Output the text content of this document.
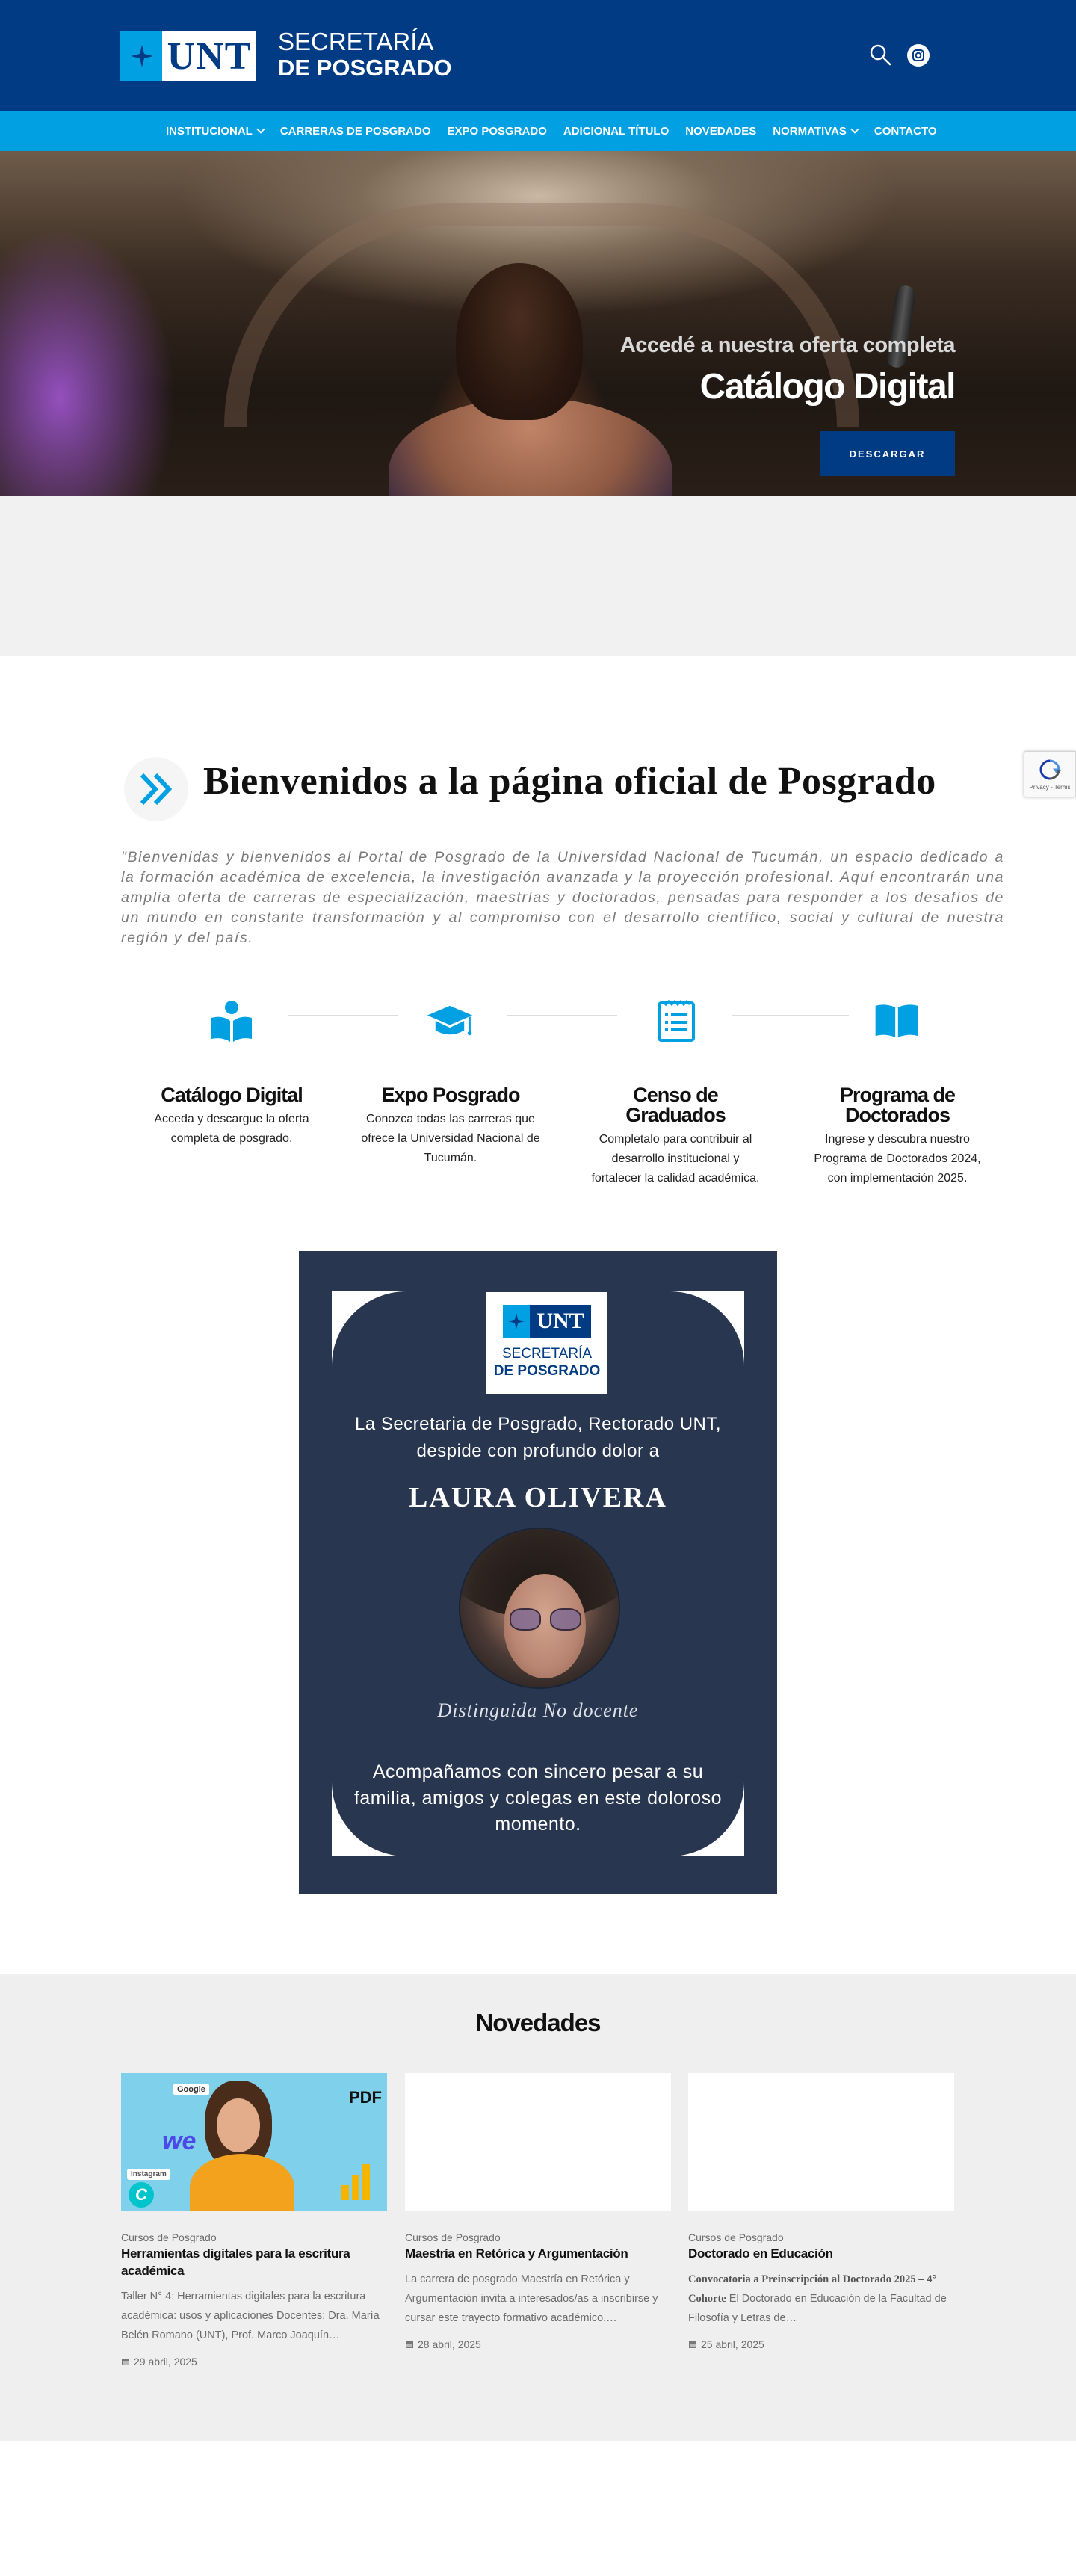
UNT SECRETARÍA
DE POSGRADO
INSTITUCIONAL CARRERAS DE POSGRADO EXPO POSGRADO ADICIONAL TÍTULO NOVEDADES NORMATIVAS CONTACTO
Accedé a nuestra oferta completa
Catálogo Digital
DESCARGAR
Privacy - Terms
Bienvenidos a la página oficial de Posgrado

"Bienvenidas y bienvenidos al Portal de Posgrado de la Universidad Nacional de Tucumán, un espacio dedicado a la formación académica de excelencia, la investigación avanzada y la proyección profesional. Aquí encontrarán una amplia oferta de carreras de especialización, maestrías y doctorados, pensadas para responder a los desafíos de un mundo en constante transformación y al compromiso con el desarrollo científico, social y cultural de nuestra región y del país.

Catálogo Digital

Acceda y descargue la oferta completa de posgrado.

Expo Posgrado

Conozca todas las carreras que ofrece la Universidad Nacional de Tucumán.

Censo de Graduados

Completalo para contribuir al desarrollo institucional y fortalecer la calidad académica.

Programa de Doctorados

Ingrese y descubra nuestro Programa de Doctorados 2024, con implementación 2025.

UNT
SECRETARÍA
DE POSGRADO
La Secretaria de Posgrado, Rectorado UNT, despide con profundo dolor a
LAURA OLIVERA
Distinguida No docente
Acompañamos con sincero pesar a su familia, amigos y colegas en este doloroso momento.
Novedades
Google	PDF
we
Instagram
C
Cursos de Posgrado
Herramientas digitales para la escritura académica
Taller N° 4: Herramientas digitales para la escritura académica: usos y aplicaciones Docentes: Dra. María Belén Romano (UNT), Prof. Marco Joaquín…
29 abril, 2025
Cursos de Posgrado
Maestría en Retórica y Argumentación
La carrera de posgrado Maestría en Retórica y Argumentación invita a interesados/as a inscribirse y cursar este trayecto formativo académico.…
28 abril, 2025
Cursos de Posgrado
Doctorado en Educación
Convocatoria a Preinscripción al Doctorado 2025 – 4° Cohorte El Doctorado en Educación de la Facultad de Filosofía y Letras de…
25 abril, 2025
